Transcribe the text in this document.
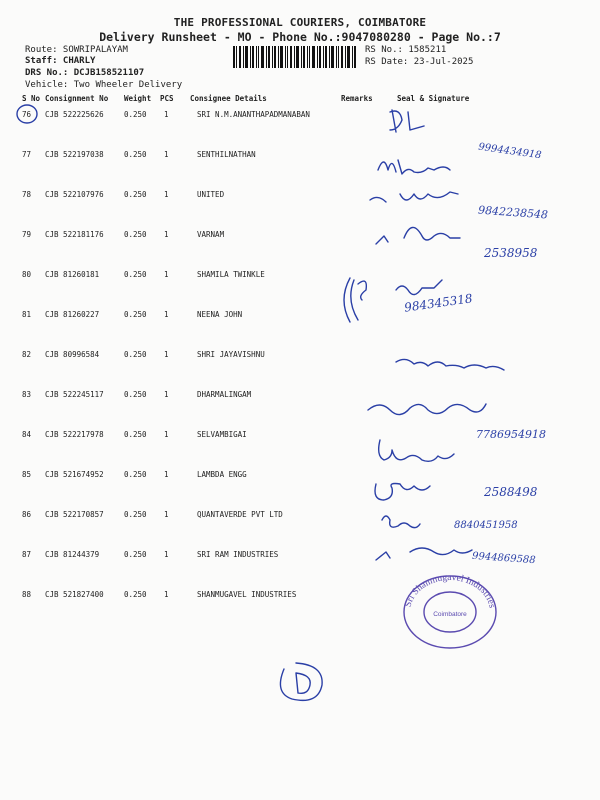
THE PROFESSIONAL COURIERS, COIMBATORE
Delivery Runsheet - MO - Phone No.:9047080280 - Page No.:7
Route: SOWRIPALAYAM
Staff: CHARLY
DRS No.: DCJB158521107
Vehicle: Two Wheeler Delivery
RS No.: 1585211
RS Date: 23-Jul-2025
S No Consignment No Weight PCS Consignee Details	Remarks	Seal & Signature
76 CJB 522225626	0.250 1	SRI N.M.ANANTHAPADMANABAN
77 CJB 522197038	0.250 1	SENTHILNATHAN
78 CJB 522107976	0.250 1	UNITED
79 CJB 522181176	0.250 1	VARNAM
80 CJB 81260181	0.250 1	SHAMILA TWINKLE
81 CJB 81260227	0.250 1	NEENA JOHN
82 CJB 80996584	0.250 1	SHRI JAYAVISHNU
83 CJB 522245117	0.250 1	DHARMALINGAM
84 CJB 522217978	0.250 1	SELVAMBIGAI
85 CJB 521674952	0.250 1	LAMBDA ENGG
86 CJB 522170857	0.250 1	QUANTAVERDE PVT LTD
87 CJB 81244379	0.250 1	SRI RAM INDUSTRIES
88 CJB 521827400	0.250 1	SHANMUGAVEL INDUSTRIES
9994434918
9842238548
2538958
984345318
7786954918
2588498
8840451958
9944869588
Sri Shanmugavel Industries
Coimbatore
